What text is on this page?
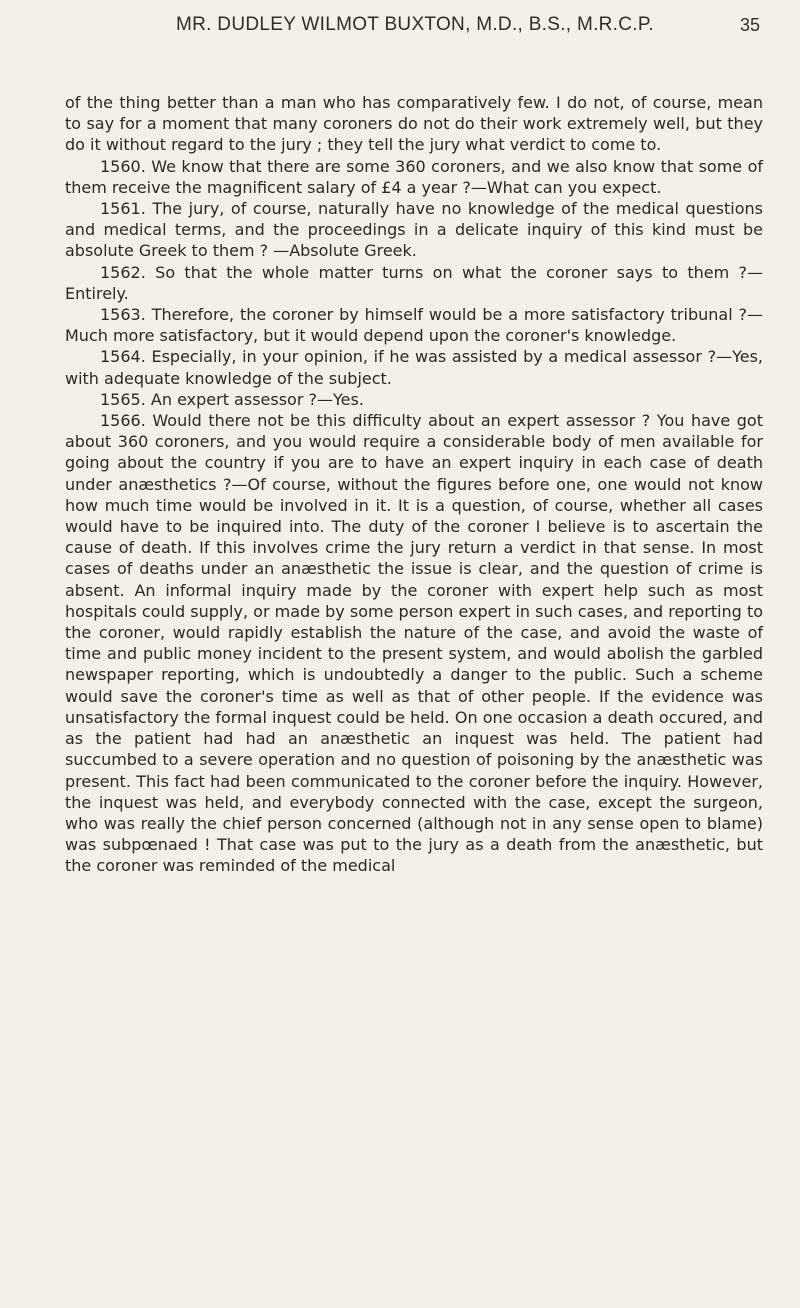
MR. DUDLEY WILMOT BUXTON, M.D., B.S., M.R.C.P.	35

of the thing better than a man who has comparatively few. I do not, of course, mean to say for a moment that many coroners do not do their work extremely well, but they do it without regard to the jury ; they tell the jury what verdict to come to.

1560. We know that there are some 360 coroners, and we also know that some of them receive the magnificent salary of £4 a year ?—What can you expect.

1561. The jury, of course, naturally have no knowledge of the medical questions and medical terms, and the proceedings in a delicate inquiry of this kind must be absolute Greek to them ? —Absolute Greek.

1562. So that the whole matter turns on what the coroner says to them ?—Entirely.

1563. Therefore, the coroner by himself would be a more satisfactory tribunal ?—Much more satisfactory, but it would depend upon the coroner's knowledge.

1564. Especially, in your opinion, if he was assisted by a medical assessor ?—Yes, with adequate knowledge of the subject.

1565. An expert assessor ?—Yes.

1566. Would there not be this difficulty about an expert assessor ? You have got about 360 coroners, and you would require a considerable body of men available for going about the country if you are to have an expert inquiry in each case of death under anæsthetics ?—Of course, without the figures before one, one would not know how much time would be involved in it. It is a question, of course, whether all cases would have to be inquired into. The duty of the coroner I believe is to ascertain the cause of death. If this involves crime the jury return a verdict in that sense. In most cases of deaths under an anæsthetic the issue is clear, and the question of crime is absent. An informal inquiry made by the coroner with expert help such as most hospitals could supply, or made by some person expert in such cases, and reporting to the coroner, would rapidly establish the nature of the case, and avoid the waste of time and public money incident to the present system, and would abolish the garbled newspaper reporting, which is undoubtedly a danger to the public. Such a scheme would save the coroner's time as well as that of other people. If the evidence was unsatisfactory the formal inquest could be held. On one occasion a death occured, and as the patient had had an anæsthetic an inquest was held. The patient had succumbed to a severe operation and no question of poisoning by the anæsthetic was present. This fact had been communicated to the coroner before the inquiry. However, the inquest was held, and everybody connected with the case, except the surgeon, who was really the chief person concerned (although not in any sense open to blame) was subpœnaed ! That case was put to the jury as a death from the anæsthetic, but the coroner was reminded of the medical
